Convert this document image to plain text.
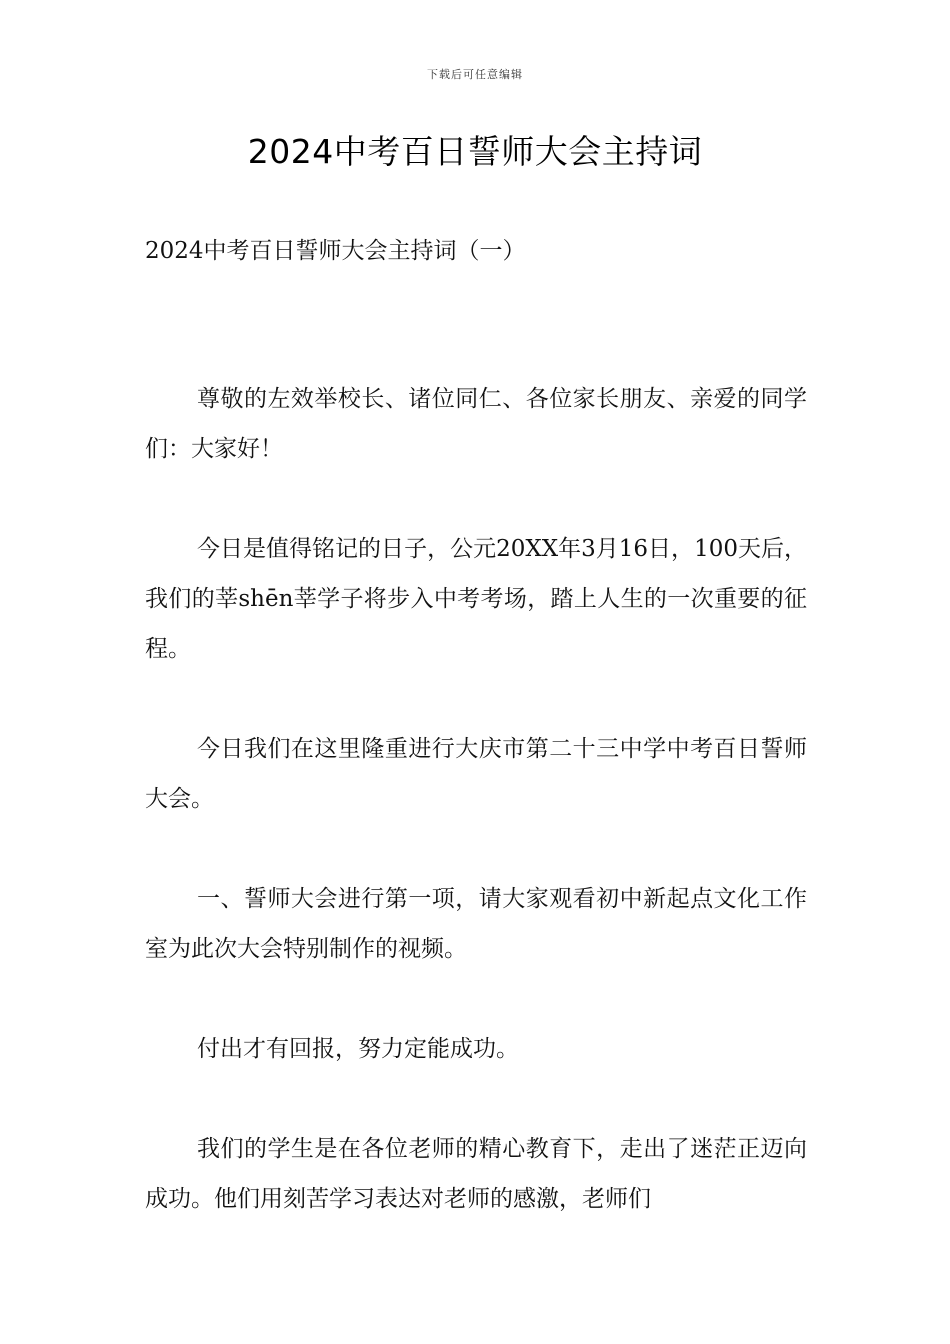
下载后可任意编辑
2024中考百日誓师大会主持词

2024中考百日誓师大会主持词（一）

尊敬的左效举校长、诸位同仁、各位家长朋友、亲爱的同学们：大家好！

今日是值得铭记的日子，公元20XX年3月16日，100天后，我们的莘shēn莘学子将步入中考考场，踏上人生的一次重要的征程。

今日我们在这里隆重进行大庆市第二十三中学中考百日誓师大会。

一、誓师大会进行第一项，请大家观看初中新起点文化工作室为此次大会特别制作的视频。

付出才有回报，努力定能成功。

我们的学生是在各位老师的精心教育下，走出了迷茫正迈向成功。他们用刻苦学习表达对老师的感激，老师们
